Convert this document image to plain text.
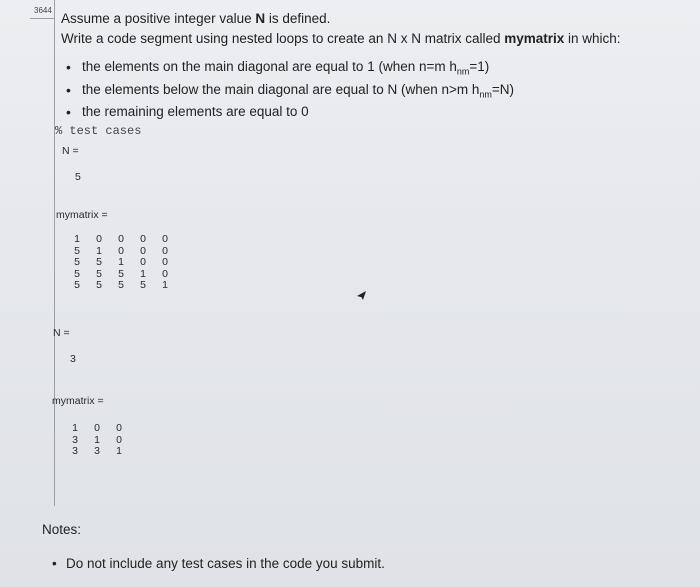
3644
Assume a positive integer value N is defined.
Write a code segment using nested loops to create an N x N matrix called mymatrix in which:
• the elements on the main diagonal are equal to 1 (when n=m $h_{nm}=1$)
• the elements below the main diagonal are equal to N (when n>m $h_{nm}=N$)
• the remaining elements are equal to 0
% test cases
N =
5
mymatrix =
1	0	0	0	0
5	1	0	0	0
5	5	1	0	0
5	5	5	1	0
5	5	5	5	1
N =
3
mymatrix =
1	0	0
3	1	0
3	3	1
Notes:
• Do not include any test cases in the code you submit.
